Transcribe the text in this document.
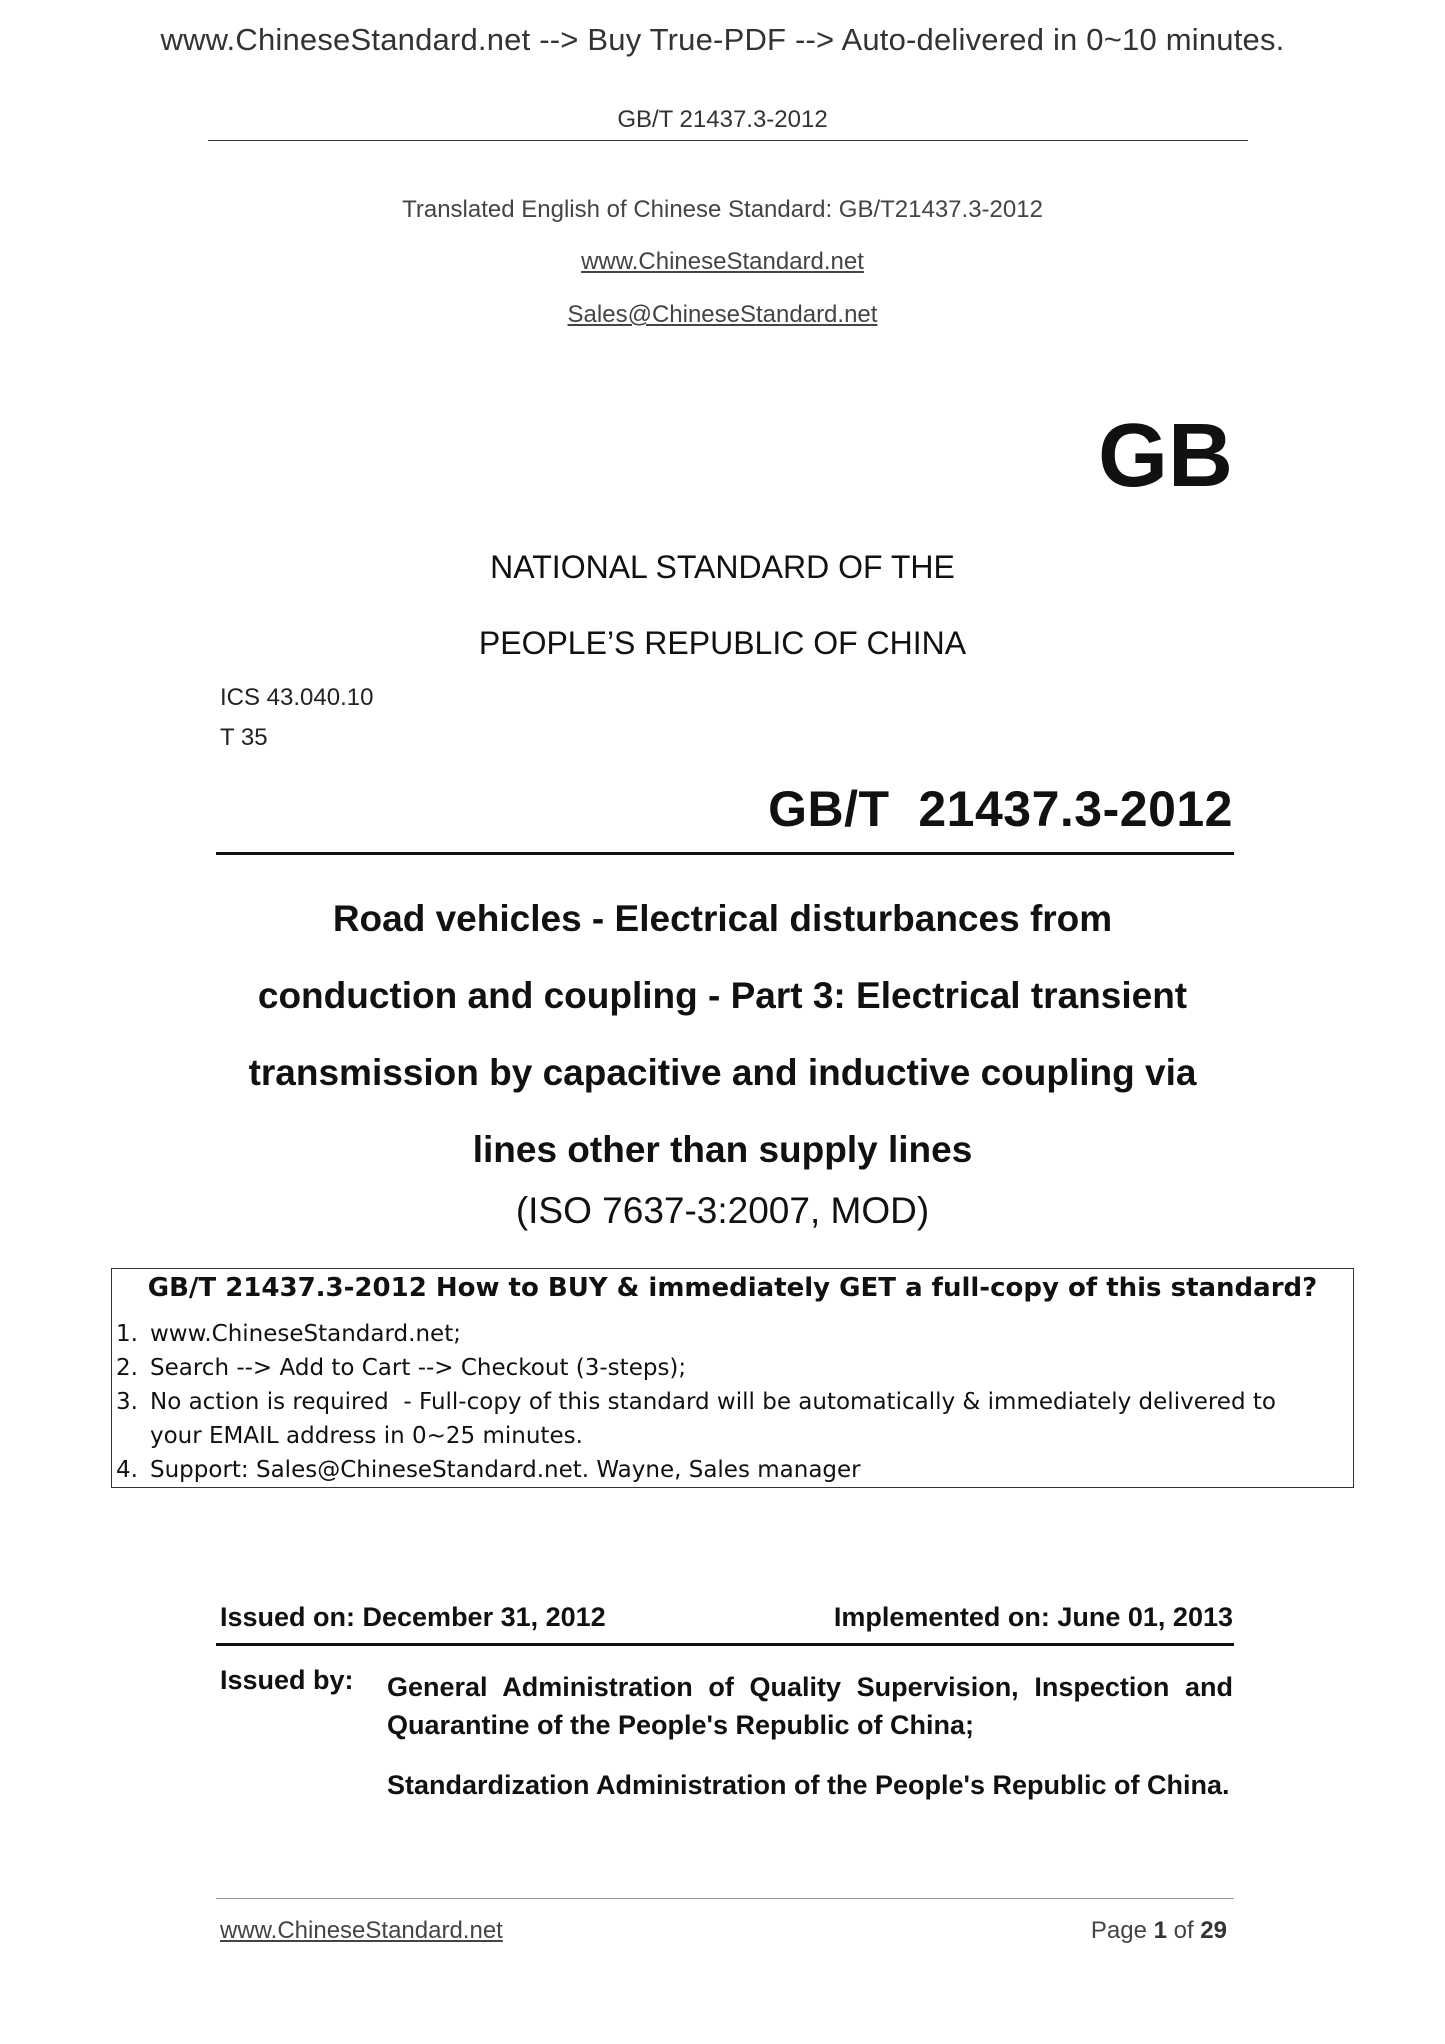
www.ChineseStandard.net --> Buy True-PDF --> Auto-delivered in 0~10 minutes.
GB/T 21437.3-2012
Translated English of Chinese Standard: GB/T21437.3-2012
www.ChineseStandard.net
Sales@ChineseStandard.net
GB
NATIONAL STANDARD OF THE
PEOPLE’S REPUBLIC OF CHINA
ICS 43.040.10
T 35
GB/T  21437.3-2012
Road vehicles - Electrical disturbances from
conduction and coupling - Part 3: Electrical transient
transmission by capacitive and inductive coupling via
lines other than supply lines
(ISO 7637-3:2007, MOD)
GB/T 21437.3-2012 How to BUY & immediately GET a full-copy of this standard?
1. www.ChineseStandard.net;
2. Search --> Add to Cart --> Checkout (3-steps);
3. No action is required  - Full-copy of this standard will be automatically & immediately delivered to
your EMAIL address in 0~25 minutes.
4. Support: Sales@ChineseStandard.net. Wayne, Sales manager
Issued on: December 31, 2012	Implemented on: June 01, 2013
Issued by: General Administration of Quality Supervision, Inspection and Quarantine of the People's Republic of China;
Standardization Administration of the People's Republic of China.
www.ChineseStandard.net	Page 1 of 29
